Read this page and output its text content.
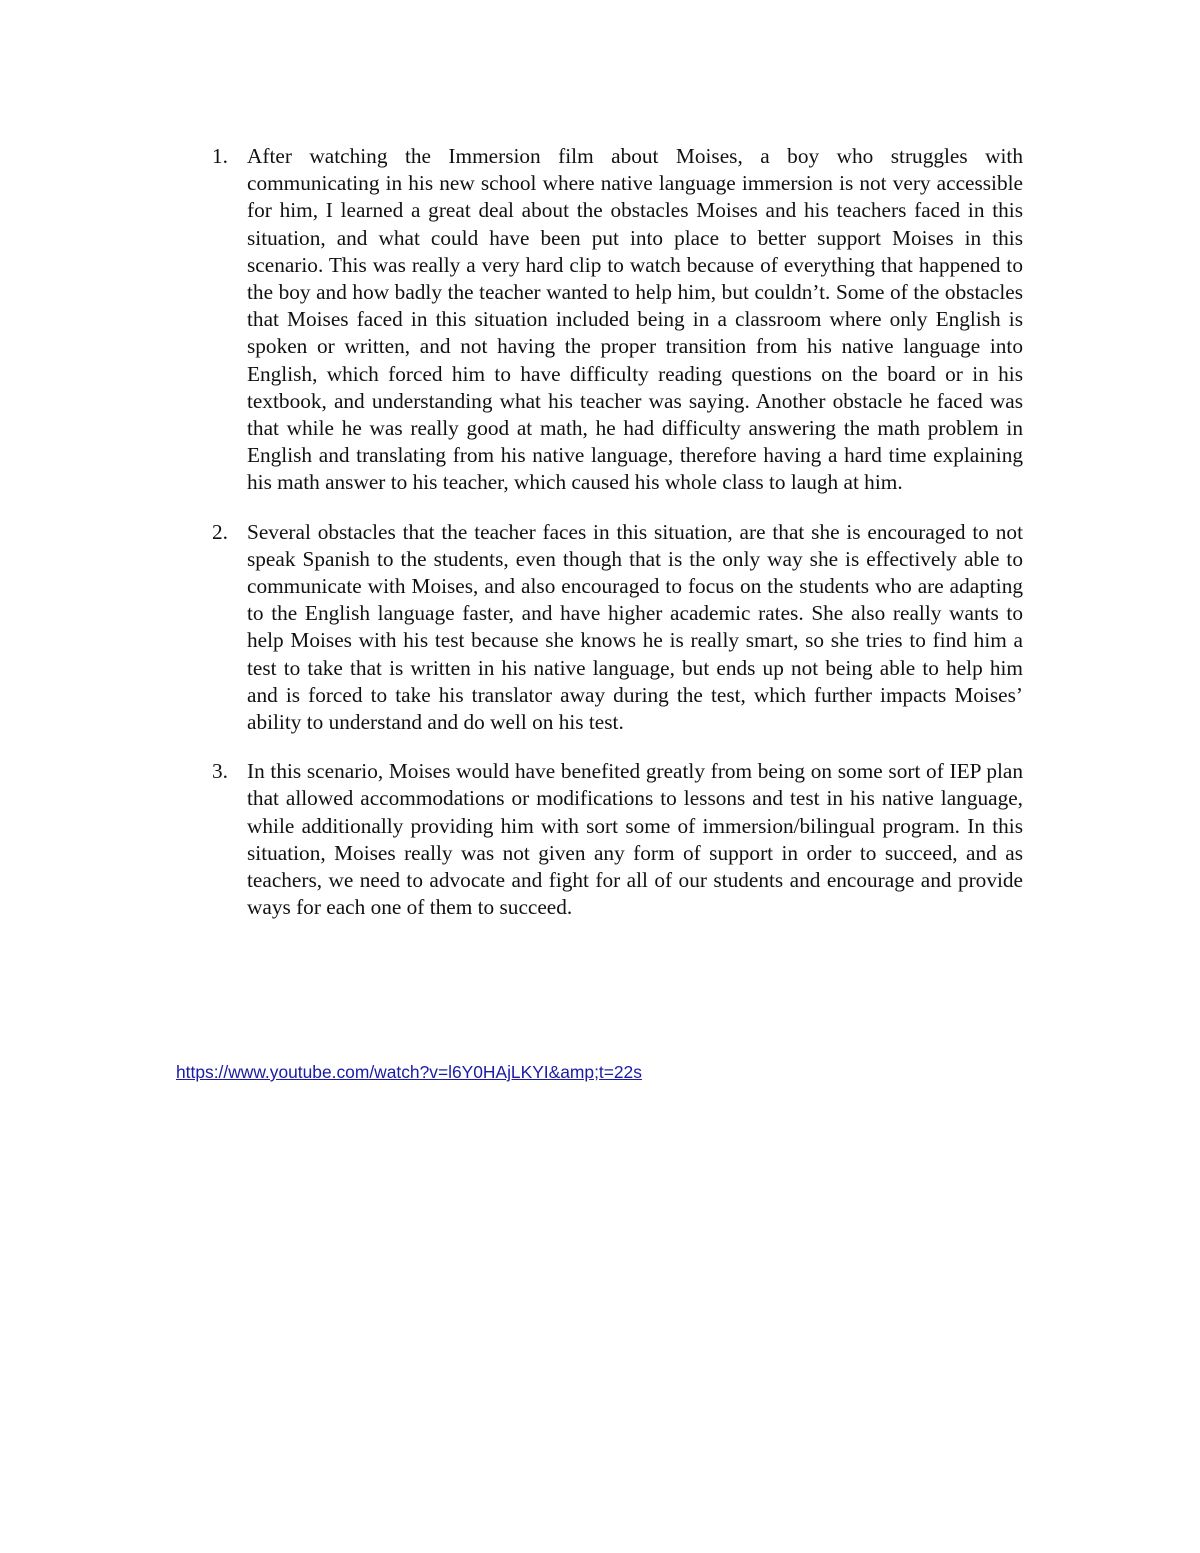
1. After watching the Immersion film about Moises, a boy who struggles with communicating in his new school where native language immersion is not very accessible for him, I learned a great deal about the obstacles Moises and his teachers faced in this situation, and what could have been put into place to better support Moises in this scenario. This was really a very hard clip to watch because of everything that happened to the boy and how badly the teacher wanted to help him, but couldn’t. Some of the obstacles that Moises faced in this situation included being in a classroom where only English is spoken or written, and not having the proper transition from his native language into English, which forced him to have difficulty reading questions on the board or in his textbook, and understanding what his teacher was saying. Another obstacle he faced was that while he was really good at math, he had difficulty answering the math problem in English and translating from his native language, therefore having a hard time explaining his math answer to his teacher, which caused his whole class to laugh at him.
2. Several obstacles that the teacher faces in this situation, are that she is encouraged to not speak Spanish to the students, even though that is the only way she is effectively able to communicate with Moises, and also encouraged to focus on the students who are adapting to the English language faster, and have higher academic rates. She also really wants to help Moises with his test because she knows he is really smart, so she tries to find him a test to take that is written in his native language, but ends up not being able to help him and is forced to take his translator away during the test, which further impacts Moises’ ability to understand and do well on his test.
3. In this scenario, Moises would have benefited greatly from being on some sort of IEP plan that allowed accommodations or modifications to lessons and test in his native language, while additionally providing him with sort some of immersion/bilingual program. In this situation, Moises really was not given any form of support in order to succeed, and as teachers, we need to advocate and fight for all of our students and encourage and provide ways for each one of them to succeed.
https://www.youtube.com/watch?v=l6Y0HAjLKYI&amp;t=22s
